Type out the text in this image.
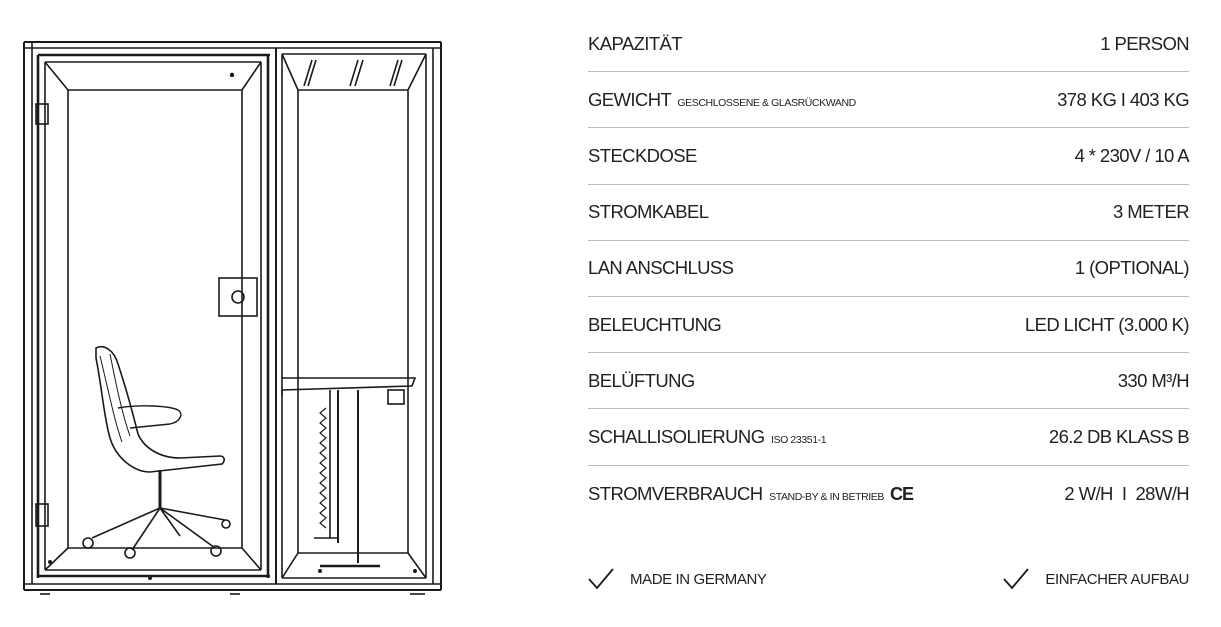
KAPAZITÄT	1 PERSON
GEWICHT GESCHLOSSENE & GLASRÜCKWAND	378 KG I 403 KG
STECKDOSE	4 * 230V / 10 A
STROMKABEL	3 METER
LAN ANSCHLUSS	1 (OPTIONAL)
BELEUCHTUNG	LED LICHT (3.000 K)
BELÜFTUNG	330 M³/H
SCHALLISOLIERUNG ISO 23351-1	26.2 DB KLASS B
STROMVERBRAUCH STAND-BY & IN BETRIEB CE	2 W/H  I  28W/H
MADE IN GERMANY	EINFACHER AUFBAU
